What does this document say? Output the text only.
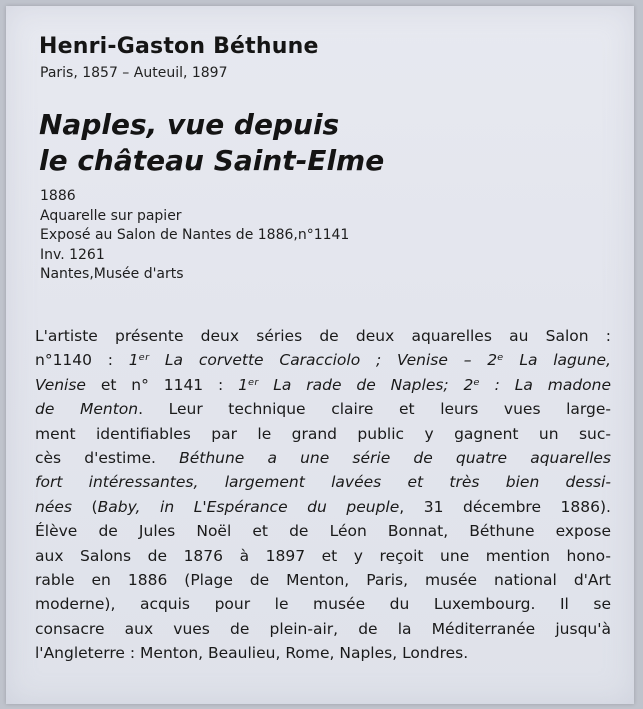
Henri-Gaston Béthune

Paris, 1857 – Auteuil, 1897

Naples, vue depuis
le château Saint-Elme
1886
Aquarelle sur papier
Exposé au Salon de Nantes de 1886,n°1141
Inv. 1261
Nantes,Musée d'arts
L'artiste présente deux séries de deux aquarelles au Salon :
n°1140 : 1ᵉʳ La corvette Caracciolo ; Venise – 2ᵉ La lagune,
Venise et n° 1141 : 1ᵉʳ La rade de Naples; 2ᵉ : La madone
de Menton. Leur technique claire et leurs vues large-
ment identifiables par le grand public y gagnent un suc-
cès d'estime. Béthune a une série de quatre aquarelles
fort intéressantes, largement lavées et très bien dessi-
nées (Baby, in L'Espérance du peuple, 31 décembre 1886).
Élève de Jules Noël et de Léon Bonnat, Béthune expose
aux Salons de 1876 à 1897 et y reçoit une mention hono-
rable en 1886 (Plage de Menton, Paris, musée national d'Art
moderne), acquis pour le musée du Luxembourg. Il se
consacre aux vues de plein-air, de la Méditerranée jusqu'à
l'Angleterre : Menton, Beaulieu, Rome, Naples, Londres.
